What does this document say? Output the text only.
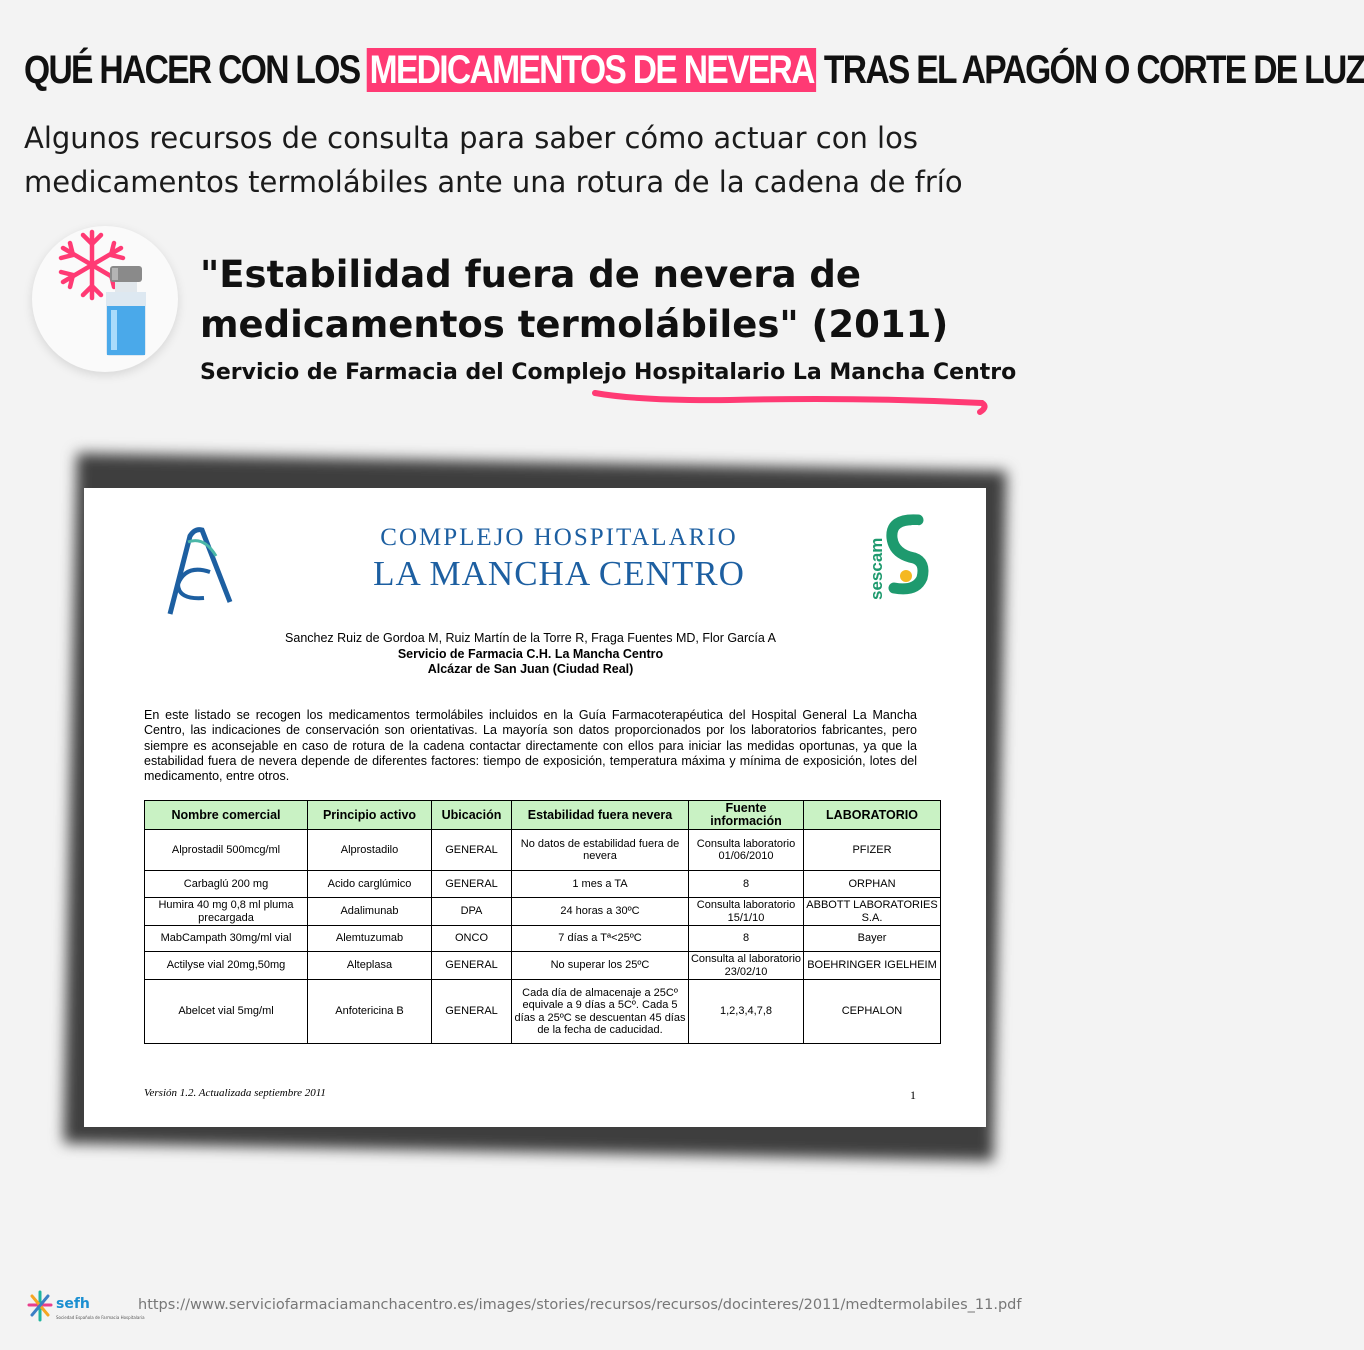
QUÉ HACER CON LOS MEDICAMENTOS DE NEVERA TRAS EL APAGÓN O CORTE DE LUZ
Algunos recursos de consulta para saber cómo actuar con los
medicamentos termolábiles ante una rotura de la cadena de frío
"Estabilidad fuera de nevera de
medicamentos termolábiles" (2011)
Servicio de Farmacia del Complejo Hospitalario La Mancha Centro
COMPLEJO HOSPITALARIO
LA MANCHA CENTRO	sescam
Sanchez Ruiz de Gordoa M, Ruiz Martín de la Torre R, Fraga Fuentes MD, Flor García A
Servicio de Farmacia C.H. La Mancha Centro
Alcázar de San Juan (Ciudad Real)
En este listado se recogen los medicamentos termolábiles incluidos en la Guía Farmacoterapéutica del Hospital General La Mancha Centro, las indicaciones de conservación son orientativas. La mayoría son datos proporcionados por los laboratorios fabricantes, pero siempre es aconsejable en caso de rotura de la cadena contactar directamente con ellos para iniciar las medidas oportunas, ya que la estabilidad fuera de nevera depende de diferentes factores: tiempo de exposición, temperatura máxima y mínima de exposición, lotes del medicamento, entre otros.
Nombre comercial	Principio activo	Ubicación	Estabilidad fuera nevera	Fuente información	LABORATORIO
Alprostadil 500mcg/ml	Alprostadilo	GENERAL	No datos de estabilidad fuera de nevera	Consulta laboratorio 01/06/2010	PFIZER
Carbaglú 200 mg	Acido carglúmico	GENERAL	1 mes a TA	8	ORPHAN
Humira 40 mg 0,8 ml pluma precargada	Adalimunab	DPA	24 horas a 30ºC	Consulta laboratorio 15/1/10	ABBOTT LABORATORIES S.A.
MabCampath 30mg/ml vial	Alemtuzumab	ONCO	7 días a Tª<25ºC	8	Bayer
Actilyse vial 20mg,50mg	Alteplasa	GENERAL	No superar los 25ºC	Consulta al laboratorio 23/02/10	BOEHRINGER IGELHEIM
Abelcet vial 5mg/ml	Anfotericina B	GENERAL	Cada día de almacenaje a 25Cº equivale a 9 días a 5Cº. Cada 5 días a 25ºC se descuentan 45 días de la fecha de caducidad.	1,2,3,4,7,8	CEPHALON
Versión 1.2. Actualizada septiembre 2011	1
sefh
Sociedad Española de Farmacia Hospitalaria
https://www.serviciofarmaciamanchacentro.es/images/stories/recursos/recursos/docinteres/2011/medtermolabiles_11.pdf
